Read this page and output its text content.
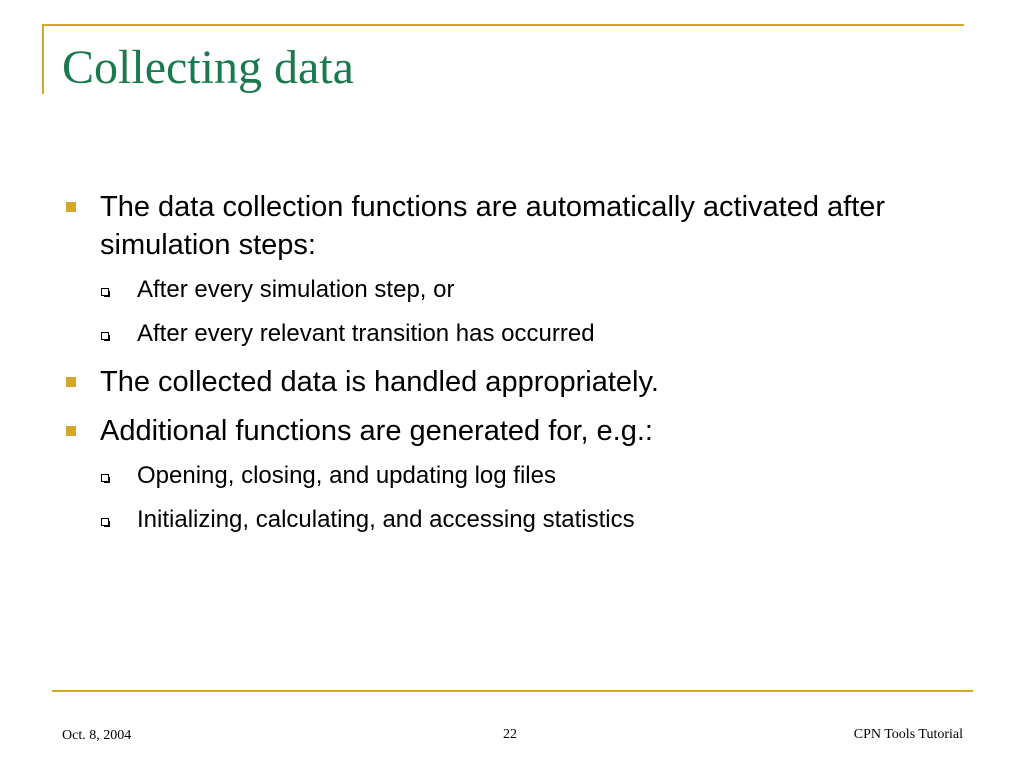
Collecting data
The data collection functions are automatically activated after simulation steps:
After every simulation step, or
After every relevant transition has occurred
The collected data is handled appropriately.
Additional functions are generated for, e.g.:
Opening, closing, and updating log files
Initializing, calculating, and accessing statistics
Oct. 8, 2004	22	CPN Tools Tutorial
